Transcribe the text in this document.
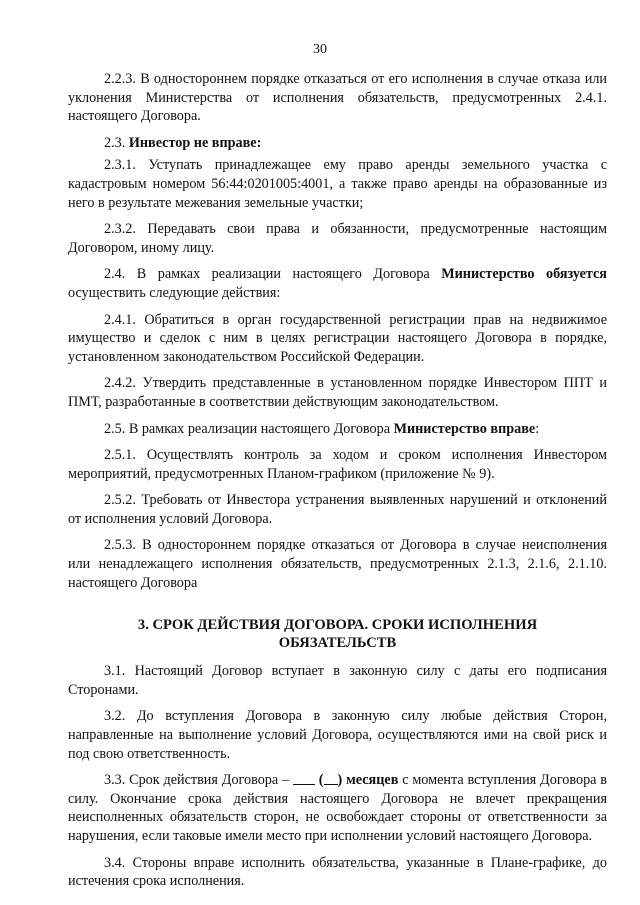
30

2.2.3. В одностороннем порядке отказаться от его исполнения в случае отказа или уклонения Министерства от исполнения обязательств, предусмотренных 2.4.1. настоящего Договора.

2.3. Инвестор не вправе:

2.3.1. Уступать принадлежащее ему право аренды земельного участка с кадастровым номером 56:44:0201005:4001, а также право аренды на образованные из него в результате межевания земельные участки;

2.3.2. Передавать свои права и обязанности, предусмотренные настоящим Договором, иному лицу.

2.4. В рамках реализации настоящего Договора Министерство обязуется осуществить следующие действия:

2.4.1. Обратиться в орган государственной регистрации прав на недвижимое имущество и сделок с ним в целях регистрации настоящего Договора в порядке, установленном законодательством Российской Федерации.

2.4.2. Утвердить представленные в установленном порядке Инвестором ППТ и ПМТ, разработанные в соответствии действующим законодательством.

2.5. В рамках реализации настоящего Договора Министерство вправе:

2.5.1. Осуществлять контроль за ходом и сроком исполнения Инвестором мероприятий, предусмотренных Планом-графиком (приложение № 9).

2.5.2. Требовать от Инвестора устранения выявленных нарушений и отклонений от исполнения условий Договора.

2.5.3. В одностороннем порядке отказаться от Договора в случае неисполнения или ненадлежащего исполнения обязательств, предусмотренных 2.1.3, 2.1.6, 2.1.10. настоящего Договора

3. СРОК ДЕЙСТВИЯ ДОГОВОРА. СРОКИ ИСПОЛНЕНИЯ
ОБЯЗАТЕЛЬСТВ

3.1. Настоящий Договор вступает в законную силу с даты его подписания Сторонами.

3.2. До вступления Договора в законную силу любые действия Сторон, направленные на выполнение условий Договора, осуществляются ими на свой риск и под свою ответственность.

3.3. Срок действия Договора –  ( ) месяцев с момента вступления Договора в силу. Окончание срока действия настоящего Договора не влечет прекращения неисполненных обязательств сторон, не освобождает стороны от ответственности за нарушения, если таковые имели место при исполнении условий настоящего Договора.

3.4. Стороны вправе исполнить обязательства, указанные в Плане-графике, до истечения срока исполнения.
